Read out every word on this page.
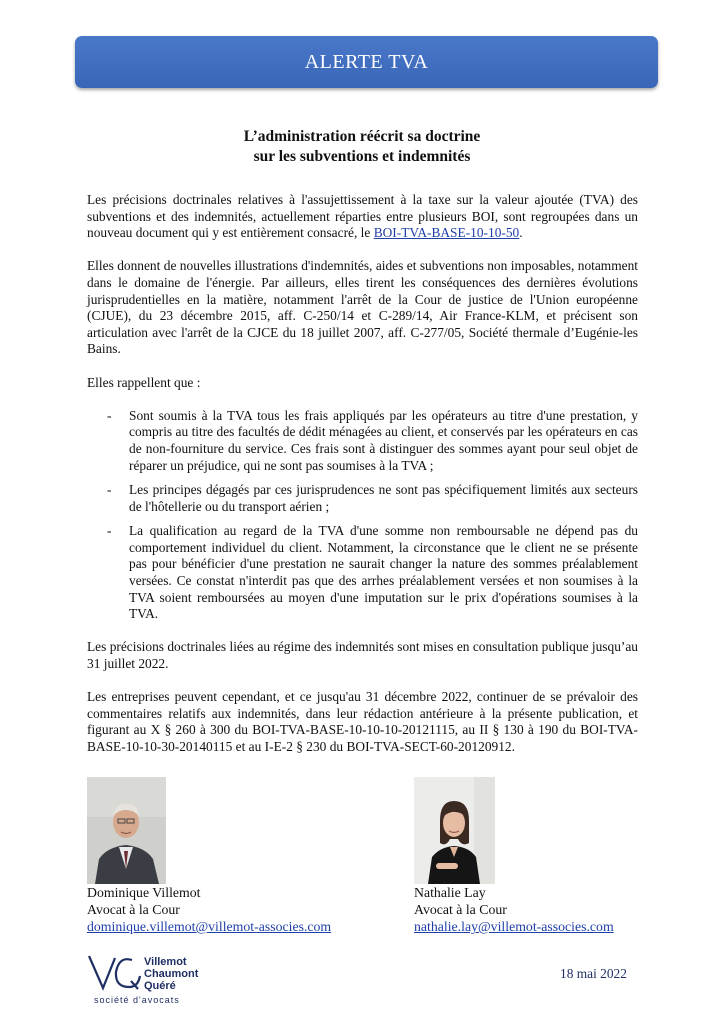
ALERTE TVA
L’administration réécrit sa doctrine
sur les subventions et indemnités

Les précisions doctrinales relatives à l'assujettissement à la taxe sur la valeur ajoutée (TVA) des subventions et des indemnités, actuellement réparties entre plusieurs BOI, sont regroupées dans un nouveau document qui y est entièrement consacré, le BOI-TVA-BASE-10-10-50.

Elles donnent de nouvelles illustrations d'indemnités, aides et subventions non imposables, notamment dans le domaine de l'énergie. Par ailleurs, elles tirent les conséquences des dernières évolutions jurisprudentielles en la matière, notamment l'arrêt de la Cour de justice de l'Union européenne (CJUE), du 23 décembre 2015, aff. C-250/14 et C-289/14, Air France-KLM, et précisent son articulation avec l'arrêt de la CJCE du 18 juillet 2007, aff. C-277/05, Société thermale d’Eugénie-les Bains.

Elles rappellent que :

- Sont soumis à la TVA tous les frais appliqués par les opérateurs au titre d'une prestation, y compris au titre des facultés de dédit ménagées au client, et conservés par les opérateurs en cas de non-fourniture du service. Ces frais sont à distinguer des sommes ayant pour seul objet de réparer un préjudice, qui ne sont pas soumises à la TVA ;
- Les principes dégagés par ces jurisprudences ne sont pas spécifiquement limités aux secteurs de l'hôtellerie ou du transport aérien ;
- La qualification au regard de la TVA d'une somme non remboursable ne dépend pas du comportement individuel du client. Notamment, la circonstance que le client ne se présente pas pour bénéficier d'une prestation ne saurait changer la nature des sommes préalablement versées. Ce constat n'interdit pas que des arrhes préalablement versées et non soumises à la TVA soient remboursées au moyen d'une imputation sur le prix d'opérations soumises à la TVA.

Les précisions doctrinales liées au régime des indemnités sont mises en consultation publique jusqu’au 31 juillet 2022.

Les entreprises peuvent cependant, et ce jusqu'au 31 décembre 2022, continuer de se prévaloir des commentaires relatifs aux indemnités, dans leur rédaction antérieure à la présente publication, et figurant au X § 260 à 300 du BOI-TVA-BASE-10-10-10-20121115, au II § 130 à 190 du BOI-TVA-BASE-10-10-30-20140115 et au I-E-2 § 230 du BOI-TVA-SECT-60-20120912.

Dominique Villemot
Avocat à la Cour
dominique.villemot@villemot-associes.com
Nathalie Lay
Avocat à la Cour
nathalie.lay@villemot-associes.com
Villemot
Chaumont
Quéré
société d'avocats
18 mai 2022
